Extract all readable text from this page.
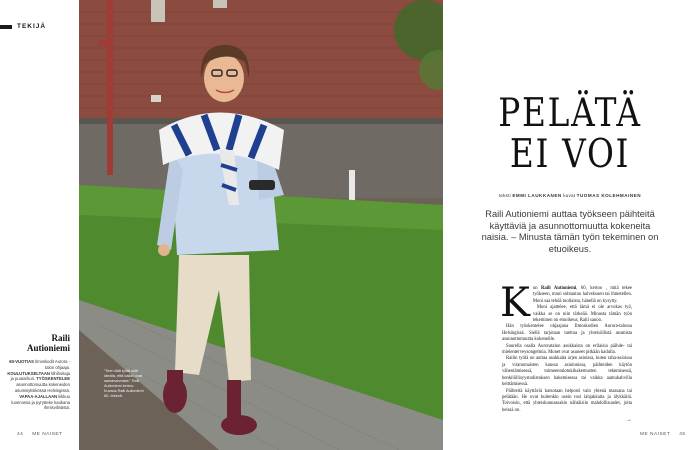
TEKIJÄ
Raili
Autioniemi
60-VUOTIAS Ilmoskodit Aurora -talon ohjaaja. KOULUTUKSELTAAN lähihoitaja ja puutarhuri. TYÖSKENTELEE asunnottomuutta kokeneiden asumisyksikössä Helsingissä. VAPAA-AJALLAAN liikkuu luonnossa ja pyrytteke kaukana ihmisvilinästä.
”Teen tätä työtä sillä ideolla, että kaikki ovat samanarvoisia.” Raili Autioniemi kertoo. Kuvaus Raili Autioniemi 60- tekevä.
PELÄTÄ
EI VOI
teksti EMMI LAUKKANEN kuvat TUOMAS KOLEHMAINEN
Raili Autioniemi auttaa työkseen päihteitä käyttäviä ja asunnottomuutta kokeneita naisia. – Minusta tämän työn tekeminen on etuoikeus.
K un Raili Autioniemi, 60, kertoo , mitä tekee työkseen, moni suhtautuu halveksuen tai ihmetellen. Moni saa tehdä tuollaista, hänellä on kysytty.

Moni ajattelee, että tämä ei ole arvokas työ, vaikka se on niin tärkeää. Minusta tämän työn tekeminen on etuoikeus, Raili sanoo.

Hän työskentelee ohjaajana Ilmoskodien Aurora-talossa Helsingissä. Siellä tarjotaan tuettua ja yhteisöllistä asumista asunnottomuutta kokeneille.

Suurella osalla Auroratalon asukkaista on erilaisia päihde- tai mielenterveysongelmia. Monet ovat asuneet pitkään kadulla.

Railin työtä on auttaa asukkaita arjen asioissa, kuten raha-asioissa ja viranomaisten kanssa asioinnissa, päihteiden käytön vähentämisessä, toimeentulotukihakemusten tekemisessä, henkilöllisyystodistuksen hakemisessa tai vaikka aamukahvilla keittämisessä.

Päihteitä käyttäviä katsotaan helposti vain yhtenä massana tai pelätään. He ovat kuitenkin usein tosi lahjakkaita ja älykkäitä. Toivoisin, että yhteiskunnassakin nähtäisiin mahdollisuudet, joita heissä on.

→
44 ME NAISET	ME NAISET 45
